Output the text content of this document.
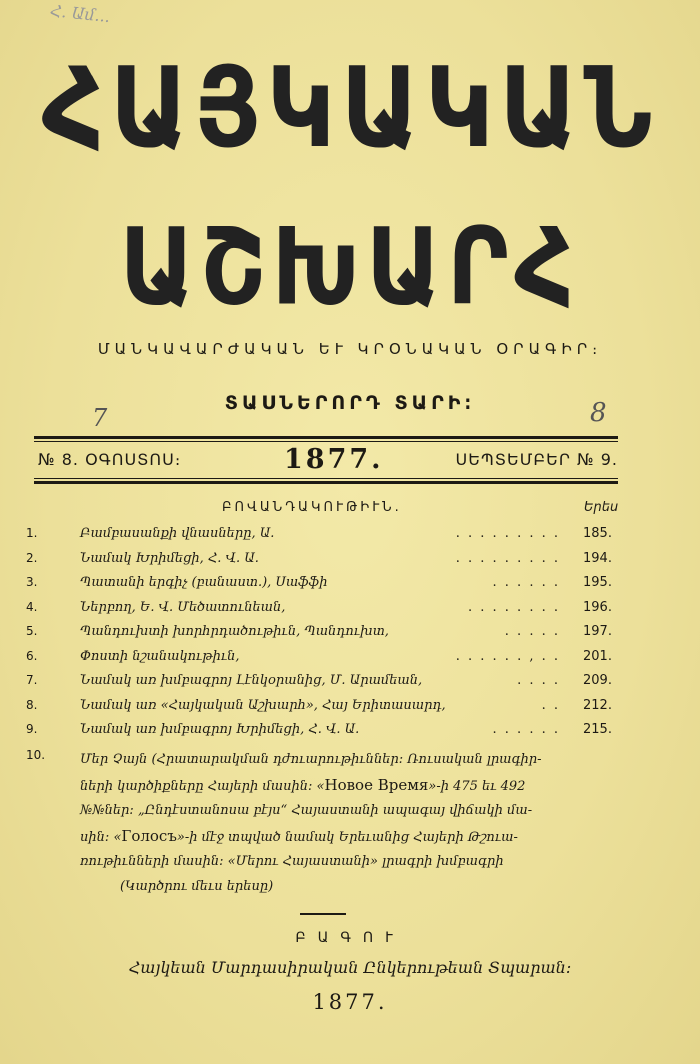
Հ. Ամ...
ՀԱՅԿԱԿԱՆ
ԱՇԽԱՐՀ
ՄԱՆԿԱՎԱՐԺԱԿԱՆ ԵՒ ԿՐՕՆԱԿԱՆ ՕՐԱԳԻՐ։
ՏԱՍՆԵՐՈՐԴ ՏԱՐԻ։
7	8
№ 8. ՕԳՈՍՏՈՍ։	1877.	ՍԵՊՏԵՄԲԵՐ № 9.
ԲՈՎԱՆԴԱԿՈՒԹԻՒՆ.	Երես
1.	Բամբասանքի վնասները, Ա.	. . . . . . . . . 185.
2.	Նամակ Խրիմեցի, Հ. Վ. Ա.	. . . . . . . . . 194.
3.	Պատանի երգիչ (բանաստ.), Սաֆֆի	. . . . . . 195.
4.	Ներբող, Ե. Վ. Մեծատունեան,	. . . . . . . . 196.
5.	Պանդուխտի խորհրդածութիւն, Պանդուխտ,	. . . . . 197.
6.	Փոստի նշանակութիւն,	. . . . . . , . . 201.
7.	Նամակ առ խմբագրոյ Լէնկօրանից, Մ. Արամեան,	. . . . 209.
8.	Նամակ առ «Հայկական Աշխարհ», Հայ Երիտասարդ,	. . 212.
9.	Նամակ առ խմբագրոյ Խրիմեցի, Հ. Վ. Ա.	. . . . . . 215.
10.	Մեր Չայն (Հրատարակման դժուարութիւններ։ Ռուսական լրագիր-
ների կարծիքները Հայերի մասին։ «Новое Время»-ի 475 եւ 492
№№ներ։ „Ընդէստանոսա բէյս“ Հայաստանի ապագայ վիճակի մա-
սին։ «Голосъ»-ի մէջ տպված նամակ Երեւանից Հայերի Թշուա-
ռութիւնների մասին։ «Մերու Հայաստանի» լրագրի խմբագրի
(Կարծրու մեւս երեսը)
ԲԱԳՈՒ
Հայկեան Մարդասիրական Ընկերութեան Տպարան։
1877.
